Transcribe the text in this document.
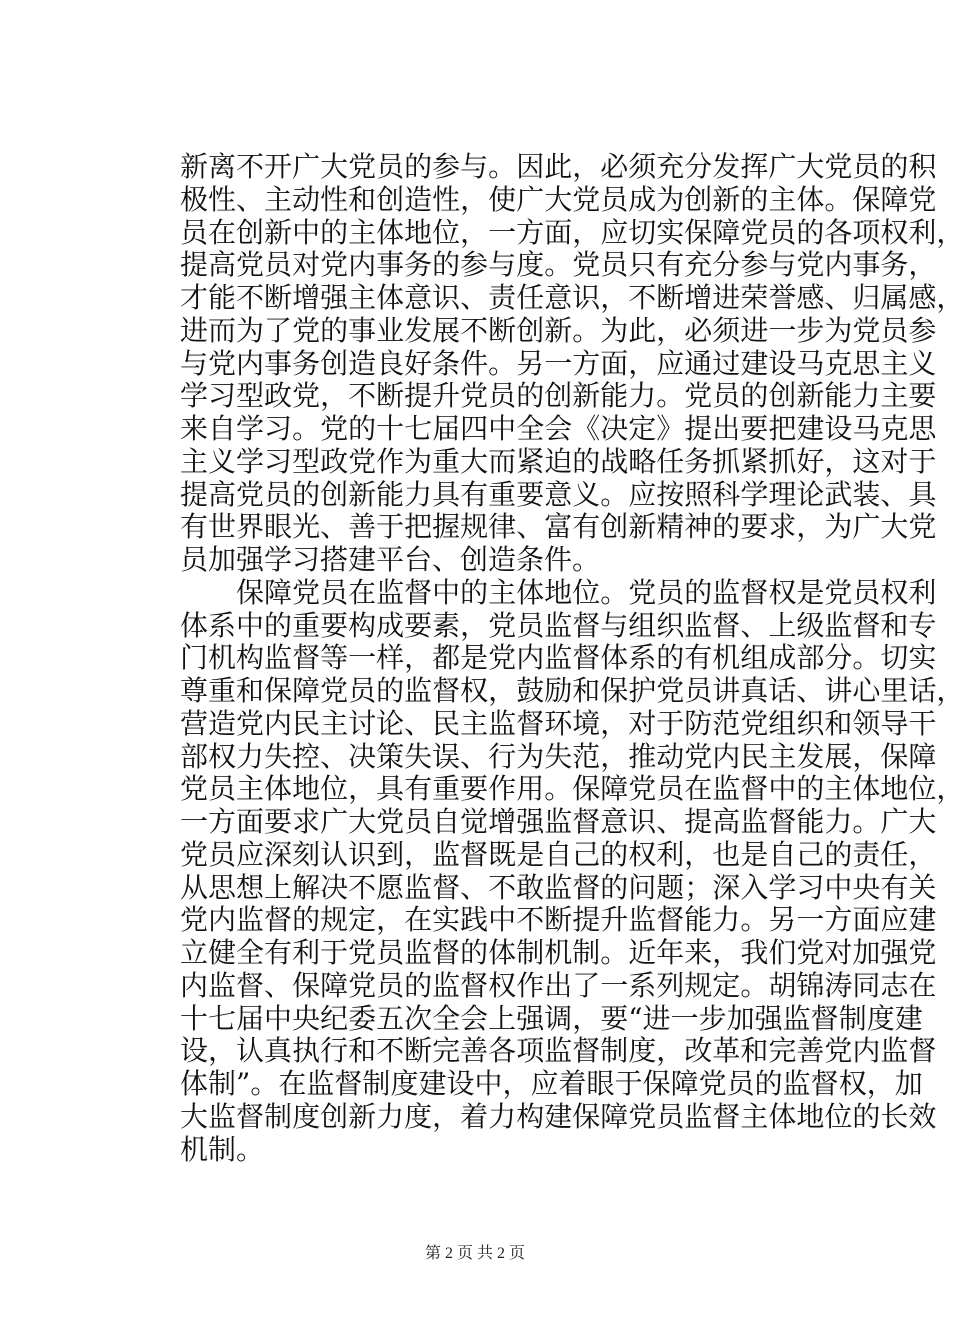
新 离 不 开 广 大 党 员 的 参 与 。 因 此 ， 必 须 充 分 发 挥 广 大 党 员 的 积
极 性 、 主 动 性 和 创 造 性 ， 使 广 大 党 员 成 为 创 新 的 主 体 。 保 障 党
员 在 创 新 中 的 主 体 地 位 ， 一 方 面 ， 应 切 实 保 障 党 员 的 各 项 权 利 ，
提 高 党 员 对 党 内 事 务 的 参 与 度 。 党 员 只 有 充 分 参 与 党 内 事 务 ，
才 能 不 断 增 强 主 体 意 识 、 责 任 意 识 ， 不 断 增 进 荣 誉 感 、 归 属 感 ，
进 而 为 了 党 的 事 业 发 展 不 断 创 新 。 为 此 ， 必 须 进 一 步 为 党 员 参
与 党 内 事 务 创 造 良 好 条 件 。 另 一 方 面 ， 应 通 过 建 设 马 克 思 主 义
学 习 型 政 党 ， 不 断 提 升 党 员 的 创 新 能 力 。 党 员 的 创 新 能 力 主 要
来 自 学 习 。 党 的 十 七 届 四 中 全 会 《 决 定 》 提 出 要 把 建 设 马 克 思
主 义 学 习 型 政 党 作 为 重 大 而 紧 迫 的 战 略 任 务 抓 紧 抓 好 ， 这 对 于
提 高 党 员 的 创 新 能 力 具 有 重 要 意 义 。 应 按 照 科 学 理 论 武 装 、 具
有 世 界 眼 光 、 善 于 把 握 规 律 、 富 有 创 新 精 神 的 要 求 ， 为 广 大 党
员加强学习搭建平台、创造条件。

保 障 党 员 在 监 督 中 的 主 体 地 位 。 党 员 的 监 督 权 是 党 员 权 利
体 系 中 的 重 要 构 成 要 素 ， 党 员 监 督 与 组 织 监 督 、 上 级 监 督 和 专
门 机 构 监 督 等 一 样 ， 都 是 党 内 监 督 体 系 的 有 机 组 成 部 分 。 切 实
尊 重 和 保 障 党 员 的 监 督 权 ， 鼓 励 和 保 护 党 员 讲 真 话 、 讲 心 里 话 ，
营 造 党 内 民 主 讨 论 、 民 主 监 督 环 境 ， 对 于 防 范 党 组 织 和 领 导 干
部 权 力 失 控 、 决 策 失 误 、 行 为 失 范 ， 推 动 党 内 民 主 发 展 ， 保 障
党 员 主 体 地 位 ， 具 有 重 要 作 用 。 保 障 党 员 在 监 督 中 的 主 体 地 位 ，
一 方 面 要 求 广 大 党 员 自 觉 增 强 监 督 意 识 、 提 高 监 督 能 力 。 广 大
党 员 应 深 刻 认 识 到 ， 监 督 既 是 自 己 的 权 利 ， 也 是 自 己 的 责 任 ，
从 思 想 上 解 决 不 愿 监 督 、 不 敢 监 督 的 问 题 ； 深 入 学 习 中 央 有 关
党 内 监 督 的 规 定 ， 在 实 践 中 不 断 提 升 监 督 能 力 。 另 一 方 面 应 建
立 健 全 有 利 于 党 员 监 督 的 体 制 机 制 。 近 年 来 ， 我 们 党 对 加 强 党
内 监 督 、 保 障 党 员 的 监 督 权 作 出 了 一 系 列 规 定 。 胡 锦 涛 同 志 在
十 七 届 中 央 纪 委 五 次 全 会 上 强 调 ， 要 “ 进 一 步 加 强 监 督 制 度 建
设 ， 认 真 执 行 和 不 断 完 善 各 项 监 督 制 度 ， 改 革 和 完 善 党 内 监 督
体 制 ” 。 在 监 督 制 度 建 设 中 ， 应 着 眼 于 保 障 党 员 的 监 督 权 ， 加
大 监 督 制 度 创 新 力 度 ， 着 力 构 建 保 障 党 员 监 督 主 体 地 位 的 长 效
机制。
第 2 页 共 2 页
